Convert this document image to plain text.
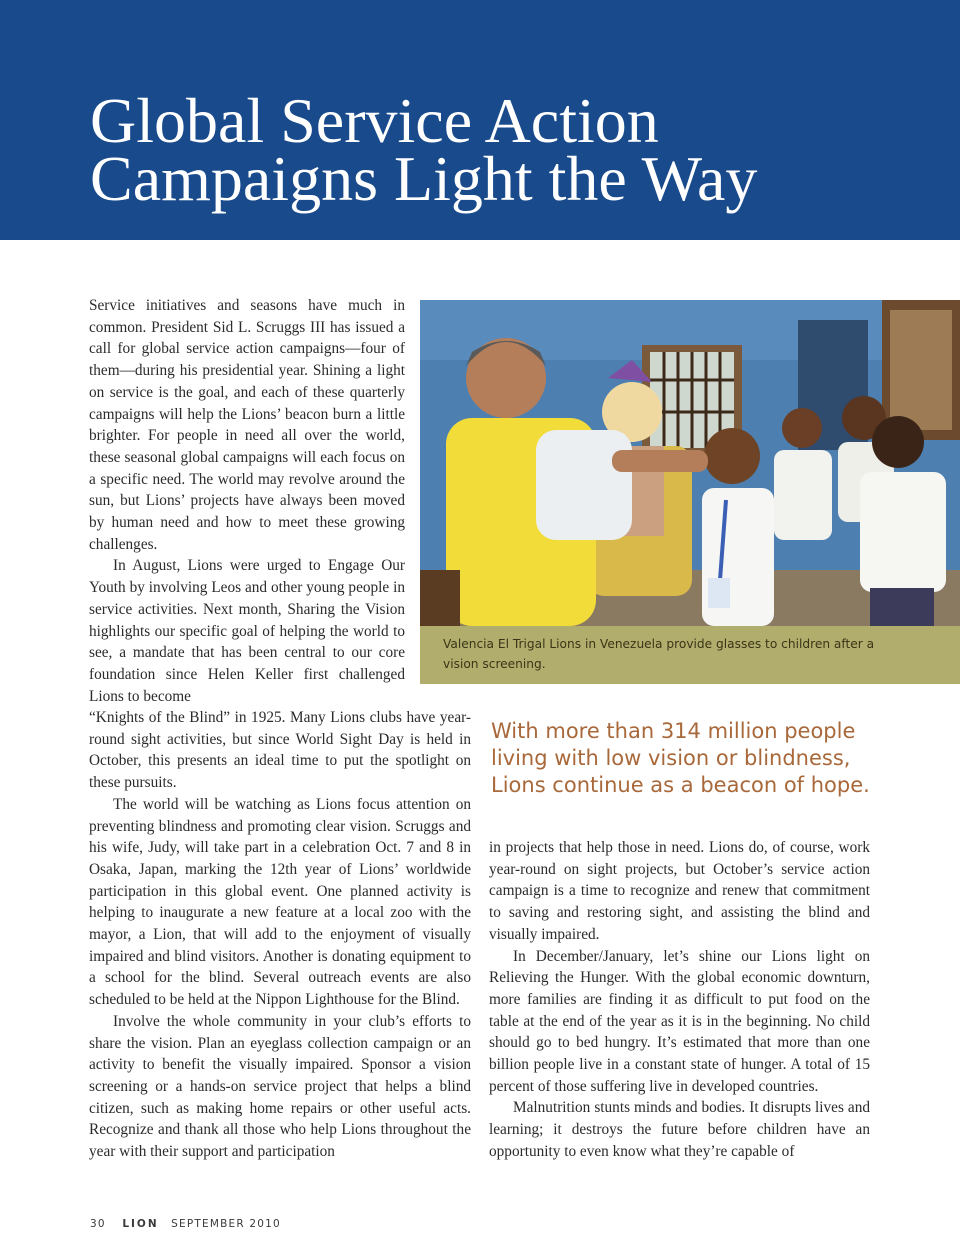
Global Service Action
Campaigns Light the Way

Service initiatives and seasons have much in common. President Sid L. Scruggs III has issued a call for global service action campaigns—four of them—during his presidential year. Shining a light on service is the goal, and each of these quarterly campaigns will help the Lions’ beacon burn a little brighter. For people in need all over the world, these seasonal global campaigns will each focus on a specific need. The world may revolve around the sun, but Lions’ projects have always been moved by human need and how to meet these growing challenges.

In August, Lions were urged to Engage Our Youth by involving Leos and other young people in service activities. Next month, Sharing the Vision highlights our specific goal of helping the world to see, a mandate that has been central to our core foundation since Helen Keller first challenged Lions to become

“Knights of the Blind” in 1925. Many Lions clubs have year-round sight activities, but since World Sight Day is held in October, this presents an ideal time to put the spotlight on these pursuits.

The world will be watching as Lions focus attention on preventing blindness and promoting clear vision. Scruggs and his wife, Judy, will take part in a celebration Oct. 7 and 8 in Osaka, Japan, marking the 12th year of Lions’ worldwide participation in this global event. One planned activity is helping to inaugurate a new feature at a local zoo with the mayor, a Lion, that will add to the enjoyment of visually impaired and blind visitors. Another is donating equipment to a school for the blind. Several outreach events are also scheduled to be held at the Nippon Lighthouse for the Blind.

Involve the whole community in your club’s efforts to share the vision. Plan an eyeglass collection campaign or an activity to benefit the visually impaired. Sponsor a vision screening or a hands-on service project that helps a blind citizen, such as making home repairs or other useful acts. Recognize and thank all those who help Lions throughout the year with their support and participation

Valencia El Trigal Lions in Venezuela provide glasses to children after a vision screening.

With more than 314 million people living with low vision or blindness, Lions continue as a beacon of hope.

in projects that help those in need. Lions do, of course, work year-round on sight projects, but October’s service action campaign is a time to recognize and renew that commitment to saving and restoring sight, and assisting the blind and visually impaired.

In December/January, let’s shine our Lions light on Relieving the Hunger. With the global economic downturn, more families are finding it as difficult to put food on the table at the end of the year as it is in the beginning. No child should go to bed hungry. It’s estimated that more than one billion people live in a constant state of hunger. A total of 15 percent of those suffering live in developed countries.

Malnutrition stunts minds and bodies. It disrupts lives and learning; it destroys the future before children have an opportunity to even know what they’re capable of

30 LION SEPTEMBER 2010
